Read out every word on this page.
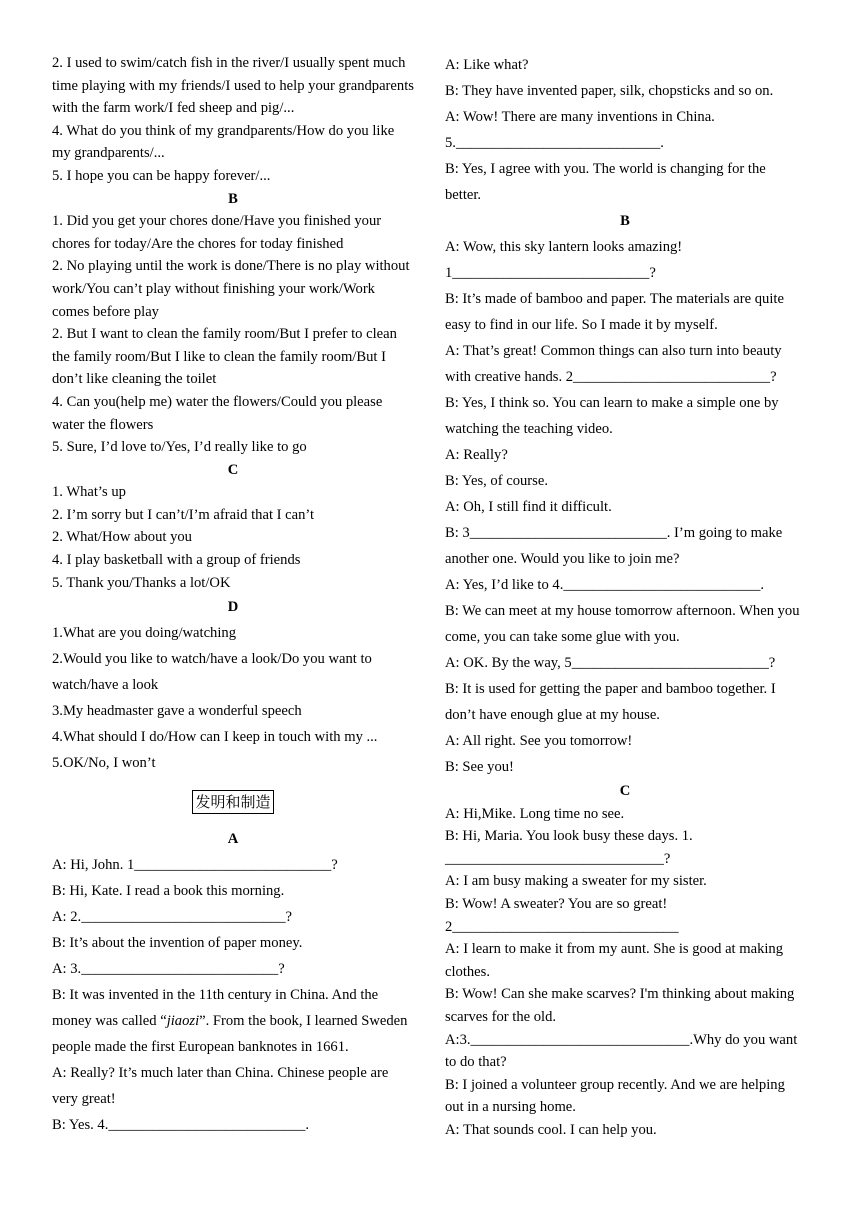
2. I used to swim/catch fish in the river/I usually spent much time playing with my friends/I used to help your grandparents with the farm work/I fed sheep and pig/...

4. What do you think of my grandparents/How do you like my grandparents/...

5. I hope you can be happy forever/...

B

1. Did you get your chores done/Have you finished your chores for today/Are the chores for today finished

2. No playing until the work is done/There is no play without work/You can’t play without finishing your work/Work comes before play

2. But I want to clean the family room/But I prefer to clean the family room/But I like to clean the family room/But I don’t like cleaning the toilet

4. Can you(help me) water the flowers/Could you please water the flowers

5. Sure, I’d love to/Yes, I’d really like to go

C

1. What’s up

2. I’m sorry but I can’t/I’m afraid that I can’t

2. What/How about you

4. I play basketball with a group of friends

5. Thank you/Thanks a lot/OK

D

1.What are you doing/watching

2.Would you like to watch/have a look/Do you want to watch/have a look

3.My headmaster gave a wonderful speech

4.What should I do/How can I keep in touch with my ...

5.OK/No, I won’t

发明和制造

A

A: Hi, John. 1___________________________?

B: Hi, Kate. I read a book this morning.

A: 2.____________________________?

B: It’s about the invention of paper money.

A: 3.___________________________?

B: It was invented in the 11th century in China. And the money was called “jiaozi”. From the book, I learned Sweden people made the first European banknotes in 1661.

A: Really? It’s much later than China. Chinese people are very great!

B: Yes. 4.___________________________.

A: Like what?

B: They have invented paper, silk, chopsticks and so on.

A: Wow! There are many inventions in China.

5.____________________________.

B: Yes, I agree with you. The world is changing for the better.

B

A: Wow, this sky lantern looks amazing!

1___________________________?

B: It’s made of bamboo and paper. The materials are quite easy to find in our life. So I made it by myself.

A: That’s great! Common things can also turn into beauty with creative hands. 2___________________________?

B: Yes, I think so. You can learn to make a simple one by watching the teaching video.

A: Really?

B: Yes, of course.

A: Oh, I still find it difficult.

B: 3___________________________. I’m going to make another one. Would you like to join me?

A: Yes, I’d like to 4.___________________________.

B: We can meet at my house tomorrow afternoon. When you come, you can take some glue with you.

A: OK. By the way, 5___________________________?

B: It is used for getting the paper and bamboo together. I don’t have enough glue at my house.

A: All right. See you tomorrow!

B: See you!

C

A: Hi,Mike. Long time no see.

B: Hi, Maria. You look busy these days. 1.

______________________________?

A: I am busy making a sweater for my sister.

B: Wow! A sweater? You are so great!

2_______________________________

A: I learn to make it from my aunt. She is good at making clothes.

B: Wow! Can she make scarves? I'm thinking about making scarves for the old.

A:3.______________________________.Why do you want to do that?

B: I joined a volunteer group recently. And we are helping out in a nursing home.

A: That sounds cool. I can help you.
